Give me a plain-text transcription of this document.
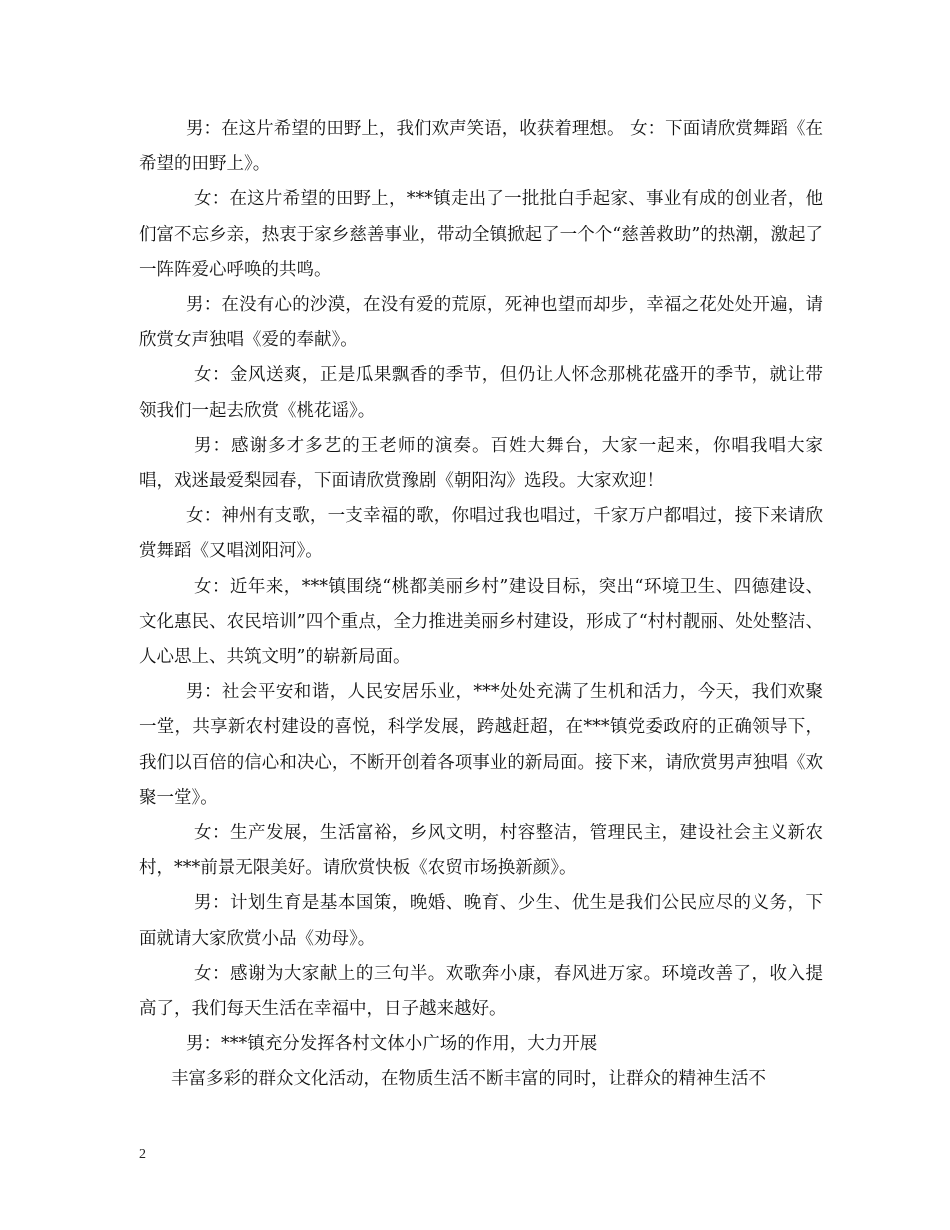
男：在这片希望的田野上，我们欢声笑语，收获着理想。 女：下面请欣赏舞蹈《在希望的田野上》。

女：在这片希望的田野上，***镇走出了一批批白手起家、事业有成的创业者，他们富不忘乡亲，热衷于家乡慈善事业，带动全镇掀起了一个个“慈善救助”的热潮，激起了一阵阵爱心呼唤的共鸣。

男：在没有心的沙漠，在没有爱的荒原，死神也望而却步，幸福之花处处开遍，请欣赏女声独唱《爱的奉献》。

女：金风送爽，正是瓜果飘香的季节，但仍让人怀念那桃花盛开的季节，就让带领我们一起去欣赏《桃花谣》。

男：感谢多才多艺的王老师的演奏。百姓大舞台，大家一起来，你唱我唱大家唱，戏迷最爱梨园春，下面请欣赏豫剧《朝阳沟》选段。大家欢迎！

女：神州有支歌，一支幸福的歌，你唱过我也唱过，千家万户都唱过，接下来请欣赏舞蹈《又唱浏阳河》。

女：近年来，***镇围绕“桃都美丽乡村”建设目标，突出“环境卫生、四德建设、文化惠民、农民培训”四个重点，全力推进美丽乡村建设，形成了“村村靓丽、处处整洁、人心思上、共筑文明”的崭新局面。

男：社会平安和谐，人民安居乐业，***处处充满了生机和活力，今天，我们欢聚一堂，共享新农村建设的喜悦，科学发展，跨越赶超，在***镇党委政府的正确领导下，我们以百倍的信心和决心，不断开创着各项事业的新局面。接下来，请欣赏男声独唱《欢聚一堂》。

女：生产发展，生活富裕，乡风文明，村容整洁，管理民主，建设社会主义新农村，***前景无限美好。请欣赏快板《农贸市场换新颜》。

男：计划生育是基本国策，晚婚、晚育、少生、优生是我们公民应尽的义务，下面就请大家欣赏小品《劝母》。

女：感谢为大家献上的三句半。欢歌奔小康，春风进万家。环境改善了，收入提高了，我们每天生活在幸福中，日子越来越好。

男：***镇充分发挥各村文体小广场的作用，大力开展

丰富多彩的群众文化活动，在物质生活不断丰富的同时，让群众的精神生活不

2
